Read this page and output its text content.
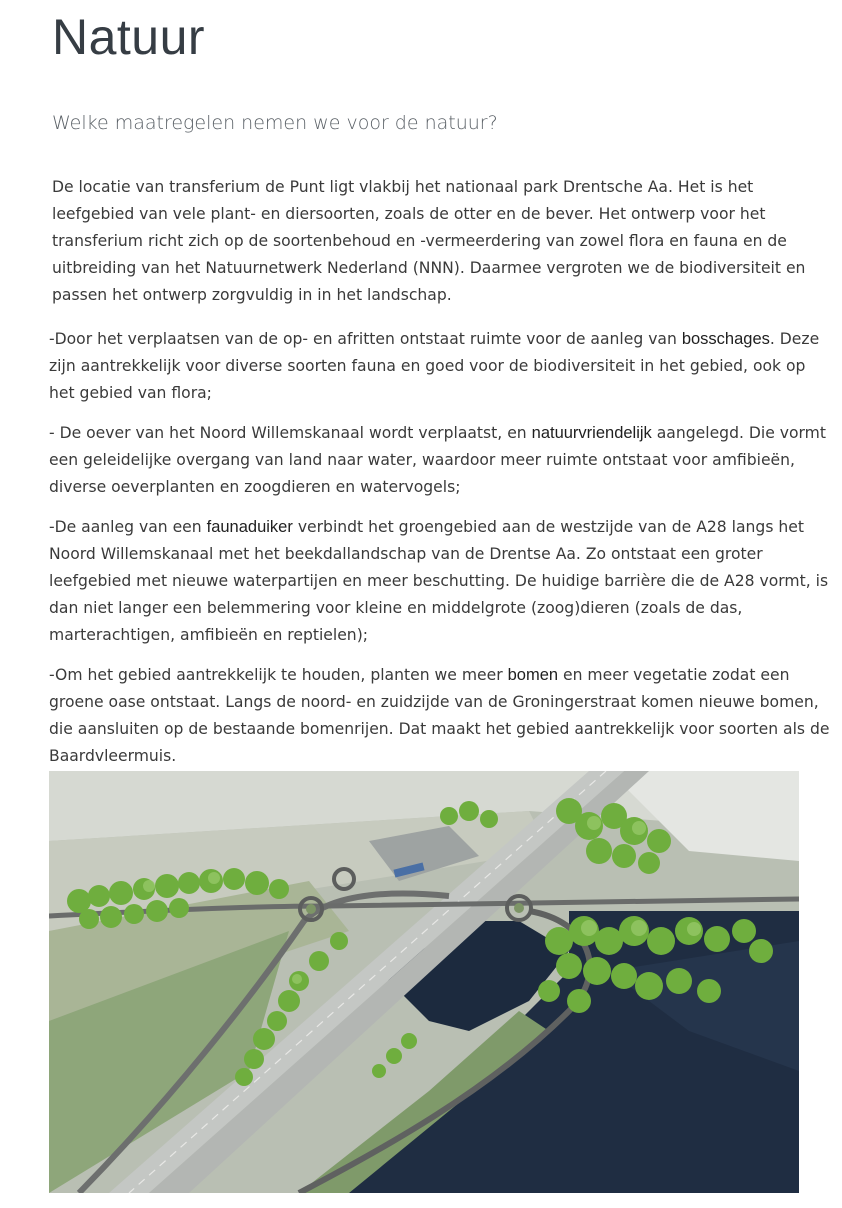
Natuur
Welke maatregelen nemen we voor de natuur?

De locatie van transferium de Punt ligt vlakbij het nationaal park Drentsche Aa. Het is het leefgebied van vele plant- en diersoorten, zoals de otter en de bever. Het ontwerp voor het transferium richt zich op de soortenbehoud en -vermeerdering van zowel flora en fauna en de uitbreiding van het Natuurnetwerk Nederland (NNN). Daarmee vergroten we de biodiversiteit en passen het ontwerp zorgvuldig in in het landschap.

-Door het verplaatsen van de op- en afritten ontstaat ruimte voor de aanleg van bosschages. Deze zijn aantrekkelijk voor diverse soorten fauna en goed voor de biodiversiteit in het gebied, ook op het gebied van flora;

- De oever van het Noord Willemskanaal wordt verplaatst, en natuurvriendelijk aangelegd. Die vormt een geleidelijke overgang van land naar water, waardoor meer ruimte ontstaat voor amfibieën, diverse oeverplanten en zoogdieren en watervogels;

-De aanleg van een faunaduiker verbindt het groengebied aan de westzijde van de A28 langs het Noord Willemskanaal met het beekdallandschap van de Drentse Aa. Zo ontstaat een groter leefgebied met nieuwe waterpartijen en meer beschutting. De huidige barrière die de A28 vormt, is dan niet langer een belemmering voor kleine en middelgrote (zoog)dieren (zoals de das, marterachtigen, amfibieën en reptielen);

-Om het gebied aantrekkelijk te houden, planten we meer bomen en meer vegetatie zodat een groene oase ontstaat. Langs de noord- en zuidzijde van de Groningerstraat komen nieuwe bomen, die aansluiten op de bestaande bomenrijen. Dat maakt het gebied aantrekkelijk voor soorten als de Baardvleermuis.
